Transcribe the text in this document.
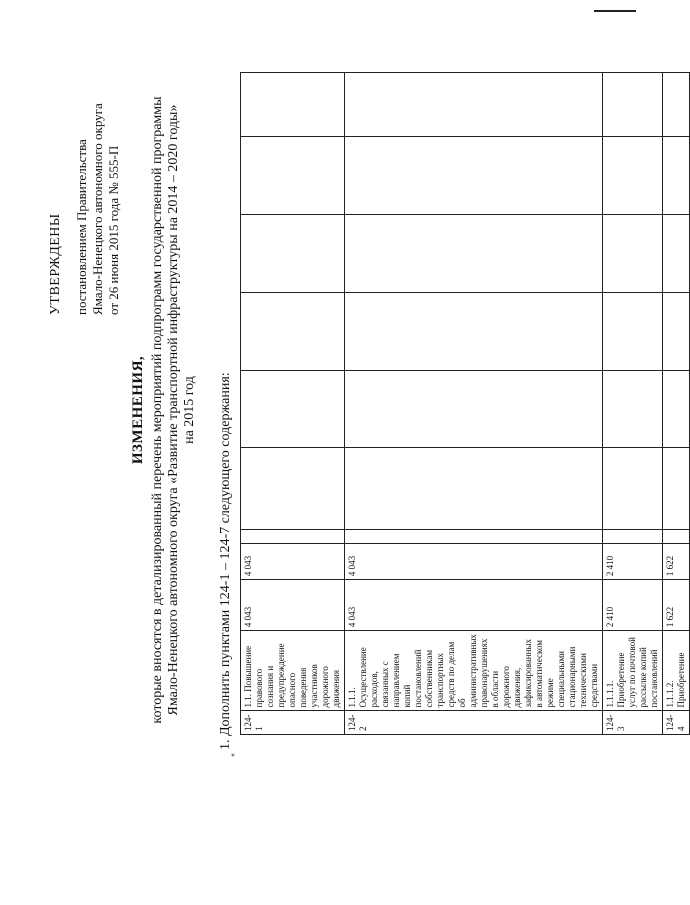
УТВЕРЖДЕНЫ постановлением Правительства Ямало-Ненецкого автономного округа от 26 июня 2015 года № 555-П
ИЗМЕНЕНИЯ, которые вносятся в детализированный перечень мероприятий подпрограмм государственной программы Ямало-Ненецкого автономного округа «Развитие транспортной инфраструктуры на 2014 – 2020 годы» на 2015 год 1. Дополнить пунктами 124-1 – 124-7 следующего содержания:
«
124-1	1.1. Повышение правового сознания и предупреждение опасного поведения участников дорожного движения	4 043	4 043							
124-2	1.1.1. Осуществление расходов, связанных с направлением копий постановлений собственникам транспортных средств по делам об административных правонарушениях в области дорожного движения, зафиксированных в автоматическом режиме специальными стационарными техническими средствами	4 043	4 043							
124-3	1.1.1.1. Приобретение услуг по почтовой рассылке копий постановлений	2 410	2 410							
124-4	1.1.1.2. Приобретение	1 622	1 622							
